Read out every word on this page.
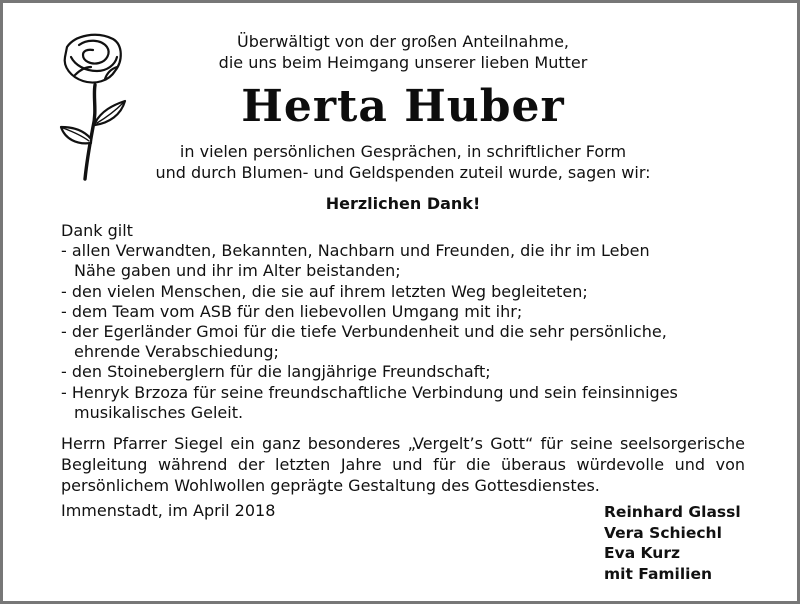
Überwältigt von der großen Anteilnahme,
die uns beim Heimgang unserer lieben Mutter
Herta Huber
in vielen persönlichen Gesprächen, in schriftlicher Form
und durch Blumen- und Geldspenden zuteil wurde, sagen wir:
Herzlichen Dank!
Dank gilt
- allen Verwandten, Bekannten, Nachbarn und Freunden, die ihr im Leben
Nähe gaben und ihr im Alter beistanden;
- den vielen Menschen, die sie auf ihrem letzten Weg begleiteten;
- dem Team vom ASB für den liebevollen Umgang mit ihr;
- der Egerländer Gmoi für die tiefe Verbundenheit und die sehr persönliche,
ehrende Verabschiedung;
- den Stoineberglern für die langjährige Freundschaft;
- Henryk Brzoza für seine freundschaftliche Verbindung und sein feinsinniges
musikalisches Geleit.
Herrn Pfarrer Siegel ein ganz besonderes „Vergelt’s Gott“ für seine seelsorgerische
Begleitung während der letzten Jahre und für die überaus würdevolle und von
persönlichem Wohlwollen geprägte Gestaltung des Gottesdienstes.
Immenstadt, im April 2018	Reinhard Glassl
Vera Schiechl
Eva Kurz
mit Familien
